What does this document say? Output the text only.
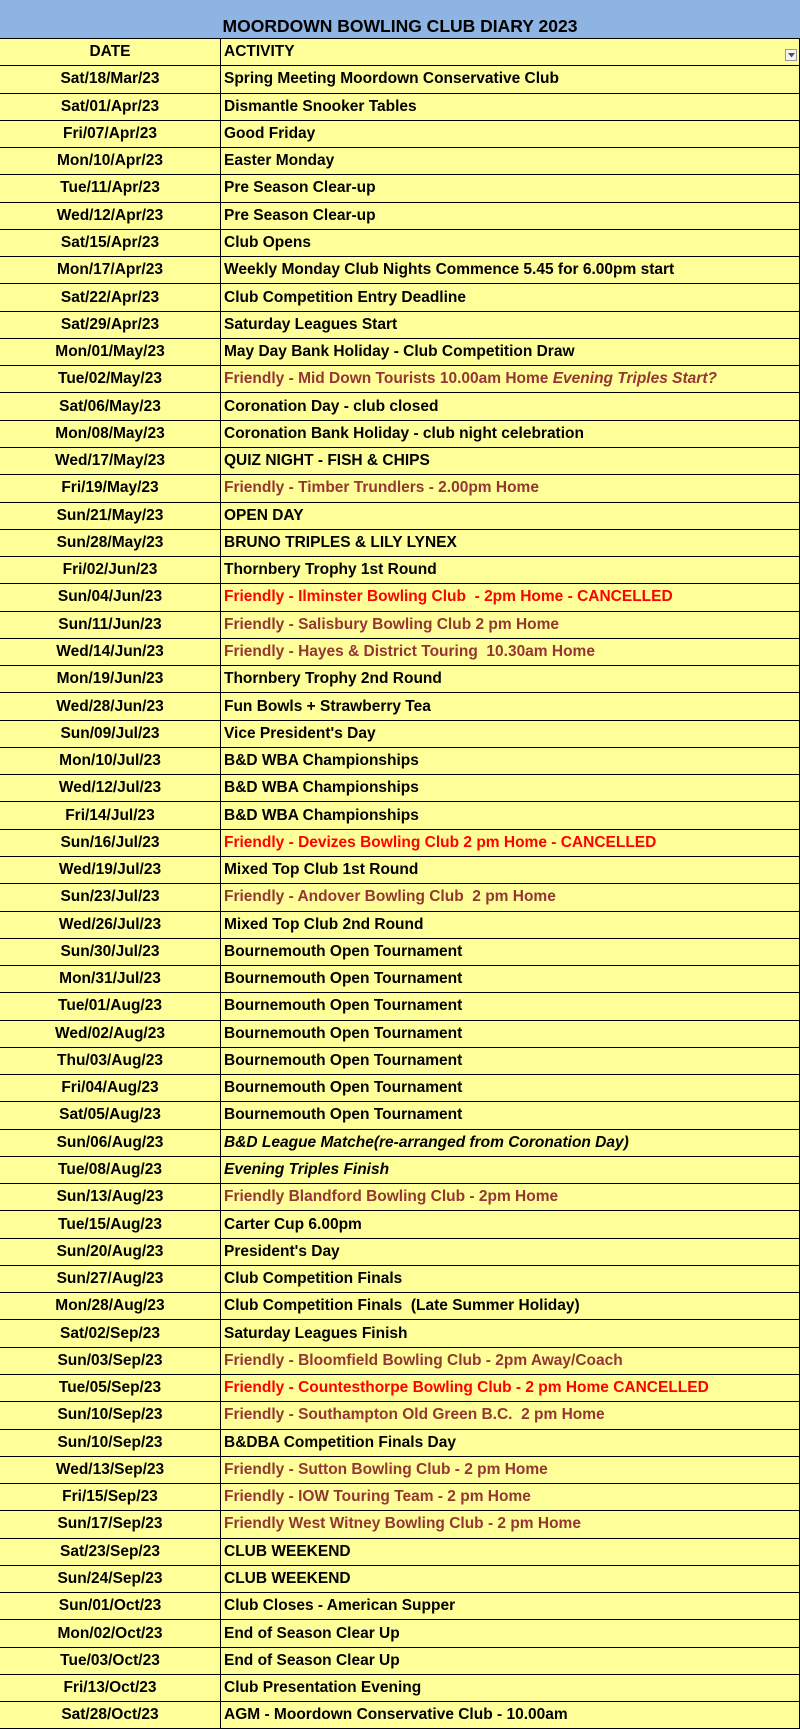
MOORDOWN BOWLING CLUB DIARY 2023
DATE	ACTIVITY
Sat/18/Mar/23	Spring Meeting Moordown Conservative Club
Sat/01/Apr/23	Dismantle Snooker Tables
Fri/07/Apr/23	Good Friday
Mon/10/Apr/23	Easter Monday
Tue/11/Apr/23	Pre Season Clear-up
Wed/12/Apr/23	Pre Season Clear-up
Sat/15/Apr/23	Club Opens
Mon/17/Apr/23	Weekly Monday Club Nights Commence 5.45 for 6.00pm start
Sat/22/Apr/23	Club Competition Entry Deadline
Sat/29/Apr/23	Saturday Leagues Start
Mon/01/May/23	May Day Bank Holiday - Club Competition Draw
Tue/02/May/23	Friendly - Mid Down Tourists 10.00am Home Evening Triples Start?
Sat/06/May/23	Coronation Day - club closed
Mon/08/May/23	Coronation Bank Holiday - club night celebration
Wed/17/May/23	QUIZ NIGHT - FISH & CHIPS
Fri/19/May/23	Friendly - Timber Trundlers - 2.00pm Home
Sun/21/May/23	OPEN DAY
Sun/28/May/23	BRUNO TRIPLES & LILY LYNEX
Fri/02/Jun/23	Thornbery Trophy 1st Round
Sun/04/Jun/23	Friendly - Ilminster Bowling Club  - 2pm Home - CANCELLED
Sun/11/Jun/23	Friendly - Salisbury Bowling Club 2 pm Home
Wed/14/Jun/23	Friendly - Hayes & District Touring  10.30am Home
Mon/19/Jun/23	Thornbery Trophy 2nd Round
Wed/28/Jun/23	Fun Bowls + Strawberry Tea
Sun/09/Jul/23	Vice President's Day
Mon/10/Jul/23	B&D WBA Championships
Wed/12/Jul/23	B&D WBA Championships
Fri/14/Jul/23	B&D WBA Championships
Sun/16/Jul/23	Friendly - Devizes Bowling Club 2 pm Home - CANCELLED
Wed/19/Jul/23	Mixed Top Club 1st Round
Sun/23/Jul/23	Friendly - Andover Bowling Club  2 pm Home
Wed/26/Jul/23	Mixed Top Club 2nd Round
Sun/30/Jul/23	Bournemouth Open Tournament
Mon/31/Jul/23	Bournemouth Open Tournament
Tue/01/Aug/23	Bournemouth Open Tournament
Wed/02/Aug/23	Bournemouth Open Tournament
Thu/03/Aug/23	Bournemouth Open Tournament
Fri/04/Aug/23	Bournemouth Open Tournament
Sat/05/Aug/23	Bournemouth Open Tournament
Sun/06/Aug/23	B&D League Matche(re-arranged from Coronation Day)
Tue/08/Aug/23	Evening Triples Finish
Sun/13/Aug/23	Friendly Blandford Bowling Club - 2pm Home
Tue/15/Aug/23	Carter Cup 6.00pm
Sun/20/Aug/23	President's Day
Sun/27/Aug/23	Club Competition Finals
Mon/28/Aug/23	Club Competition Finals  (Late Summer Holiday)
Sat/02/Sep/23	Saturday Leagues Finish
Sun/03/Sep/23	Friendly - Bloomfield Bowling Club - 2pm Away/Coach
Tue/05/Sep/23	Friendly - Countesthorpe Bowling Club - 2 pm Home CANCELLED
Sun/10/Sep/23	Friendly - Southampton Old Green B.C.  2 pm Home
Sun/10/Sep/23	B&DBA Competition Finals Day
Wed/13/Sep/23	Friendly - Sutton Bowling Club - 2 pm Home
Fri/15/Sep/23	Friendly - IOW Touring Team - 2 pm Home
Sun/17/Sep/23	Friendly West Witney Bowling Club - 2 pm Home
Sat/23/Sep/23	CLUB WEEKEND
Sun/24/Sep/23	CLUB WEEKEND
Sun/01/Oct/23	Club Closes - American Supper
Mon/02/Oct/23	End of Season Clear Up
Tue/03/Oct/23	End of Season Clear Up
Fri/13/Oct/23	Club Presentation Evening
Sat/28/Oct/23	AGM - Moordown Conservative Club - 10.00am
